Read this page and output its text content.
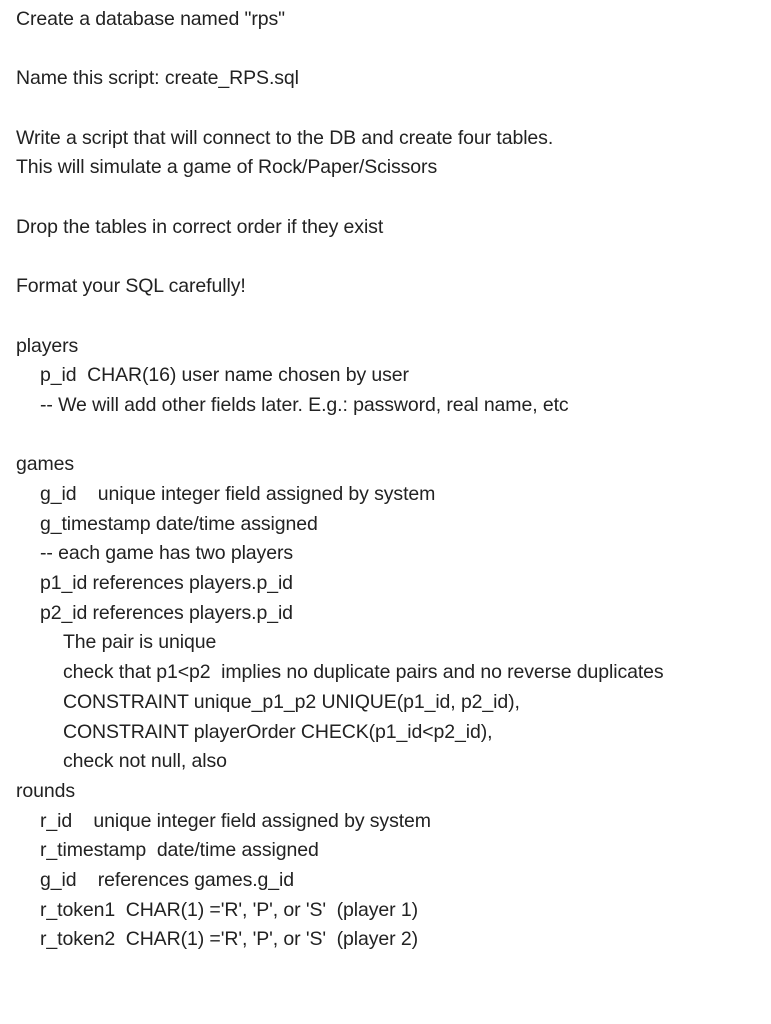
Create a database named "rps"
Name this script: create_RPS.sql
Write a script that will connect to the DB and create four tables.
This will simulate a game of Rock/Paper/Scissors
Drop the tables in correct order if they exist
Format your SQL carefully!
players
p_id  CHAR(16) user name chosen by user
-- We will add other fields later. E.g.: password, real name, etc
games
g_id    unique integer field assigned by system
g_timestamp date/time assigned
-- each game has two players
p1_id references players.p_id
p2_id references players.p_id
The pair is unique
check that p1<p2  implies no duplicate pairs and no reverse duplicates
CONSTRAINT unique_p1_p2 UNIQUE(p1_id, p2_id),
CONSTRAINT playerOrder CHECK(p1_id<p2_id),
check not null, also
rounds
r_id    unique integer field assigned by system
r_timestamp  date/time assigned
g_id    references games.g_id
r_token1  CHAR(1) ='R', 'P', or 'S'  (player 1)
r_token2  CHAR(1) ='R', 'P', or 'S'  (player 2)
